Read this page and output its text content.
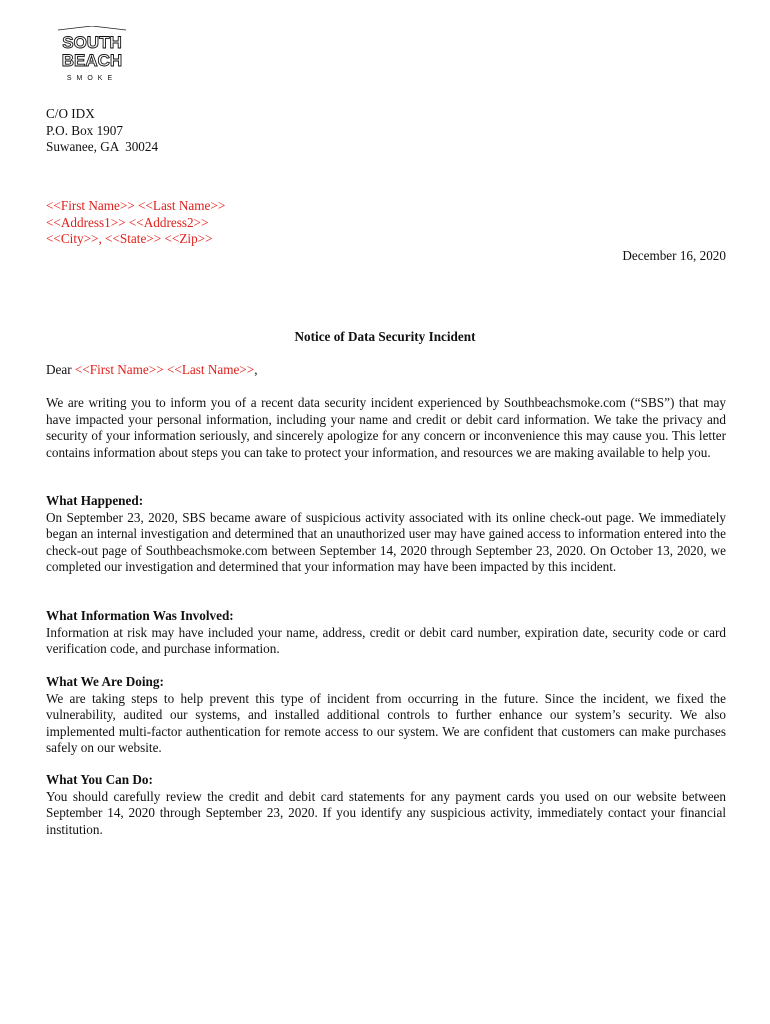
SOUTH
BEACH
SMOKE
C/O IDX
P.O. Box 1907
Suwanee, GA  30024
<<First Name>> <<Last Name>>
<<Address1>> <<Address2>>
<<City>>, <<State>> <<Zip>>
December 16, 2020
Notice of Data Security Incident
Dear <<First Name>> <<Last Name>>,

We are writing you to inform you of a recent data security incident experienced by Southbeachsmoke.com (“SBS”) that may have impacted your personal information, including your name and credit or debit card information. We take the privacy and security of your information seriously, and sincerely apologize for any concern or inconvenience this may cause you. This letter contains information about steps you can take to protect your information, and resources we are making available to help you.

What Happened:

On September 23, 2020, SBS became aware of suspicious activity associated with its online check-out page. We immediately began an internal investigation and determined that an unauthorized user may have gained access to information entered into the check-out page of Southbeachsmoke.com between September 14, 2020 through September 23, 2020. On October 13, 2020, we completed our investigation and determined that your information may have been impacted by this incident.

What Information Was Involved:

Information at risk may have included your name, address, credit or debit card number, expiration date, security code or card verification code, and purchase information.

What We Are Doing:

We are taking steps to help prevent this type of incident from occurring in the future. Since the incident, we fixed the vulnerability, audited our systems, and installed additional controls to further enhance our system’s security. We also implemented multi-factor authentication for remote access to our system. We are confident that customers can make purchases safely on our website.

What You Can Do:

You should carefully review the credit and debit card statements for any payment cards you used on our website between September 14, 2020 through September 23, 2020. If you identify any suspicious activity, immediately contact your financial institution.
